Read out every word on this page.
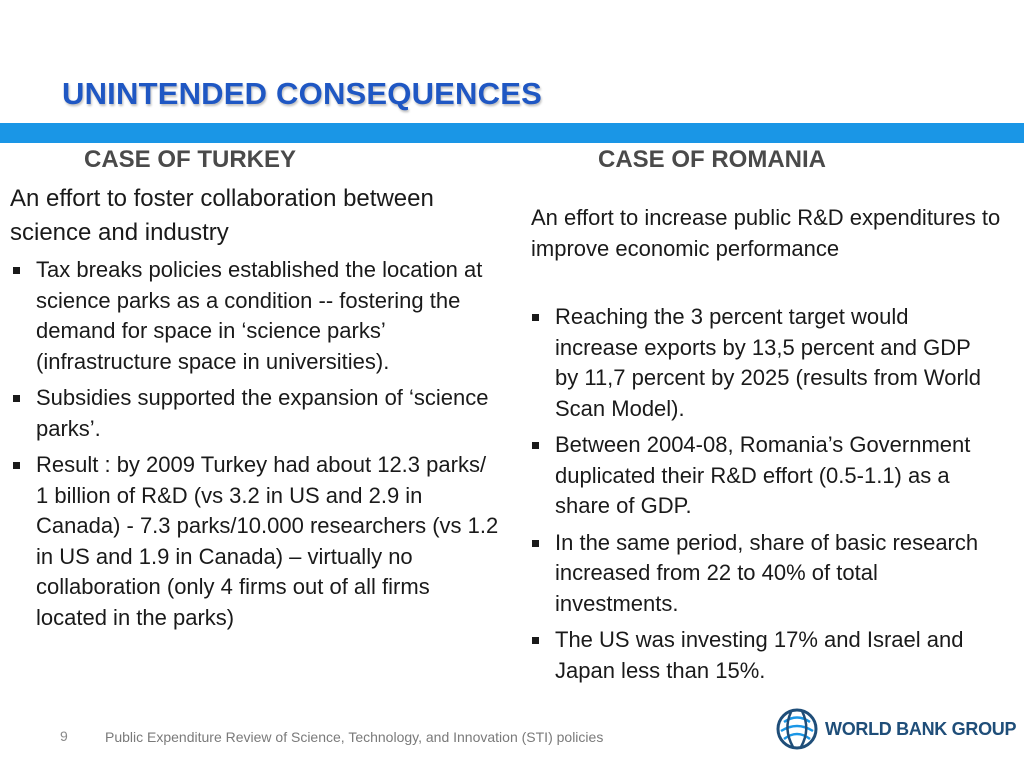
UNINTENDED CONSEQUENCES
CASE OF TURKEY	CASE OF ROMANIA

An effort to foster collaboration between science and industry

Tax breaks policies established the location at science parks as a condition -- fostering the demand for space in ‘science parks’ (infrastructure space in universities).
Subsidies supported the expansion of ‘science parks’.
Result : by 2009 Turkey had about 12.3 parks/ 1 billion of R&D (vs 3.2 in US and 2.9 in Canada) - 7.3 parks/10.000 researchers (vs 1.2 in US and 1.9 in Canada) – virtually no collaboration (only 4 firms out of all firms located in the parks)

An effort to increase public R&D expenditures to improve economic performance

Reaching the 3 percent target would increase exports by 13,5 percent and GDP by 11,7 percent by 2025 (results from World Scan Model).
Between 2004-08, Romania’s Government duplicated their R&D effort (0.5-1.1) as a share of GDP.
In the same period, share of basic research increased from 22 to 40% of total investments.
The US was investing 17% and Israel and Japan less than 15%.
9	Public Expenditure Review of Science, Technology, and Innovation (STI) policies	WORLD BANK GROUP
